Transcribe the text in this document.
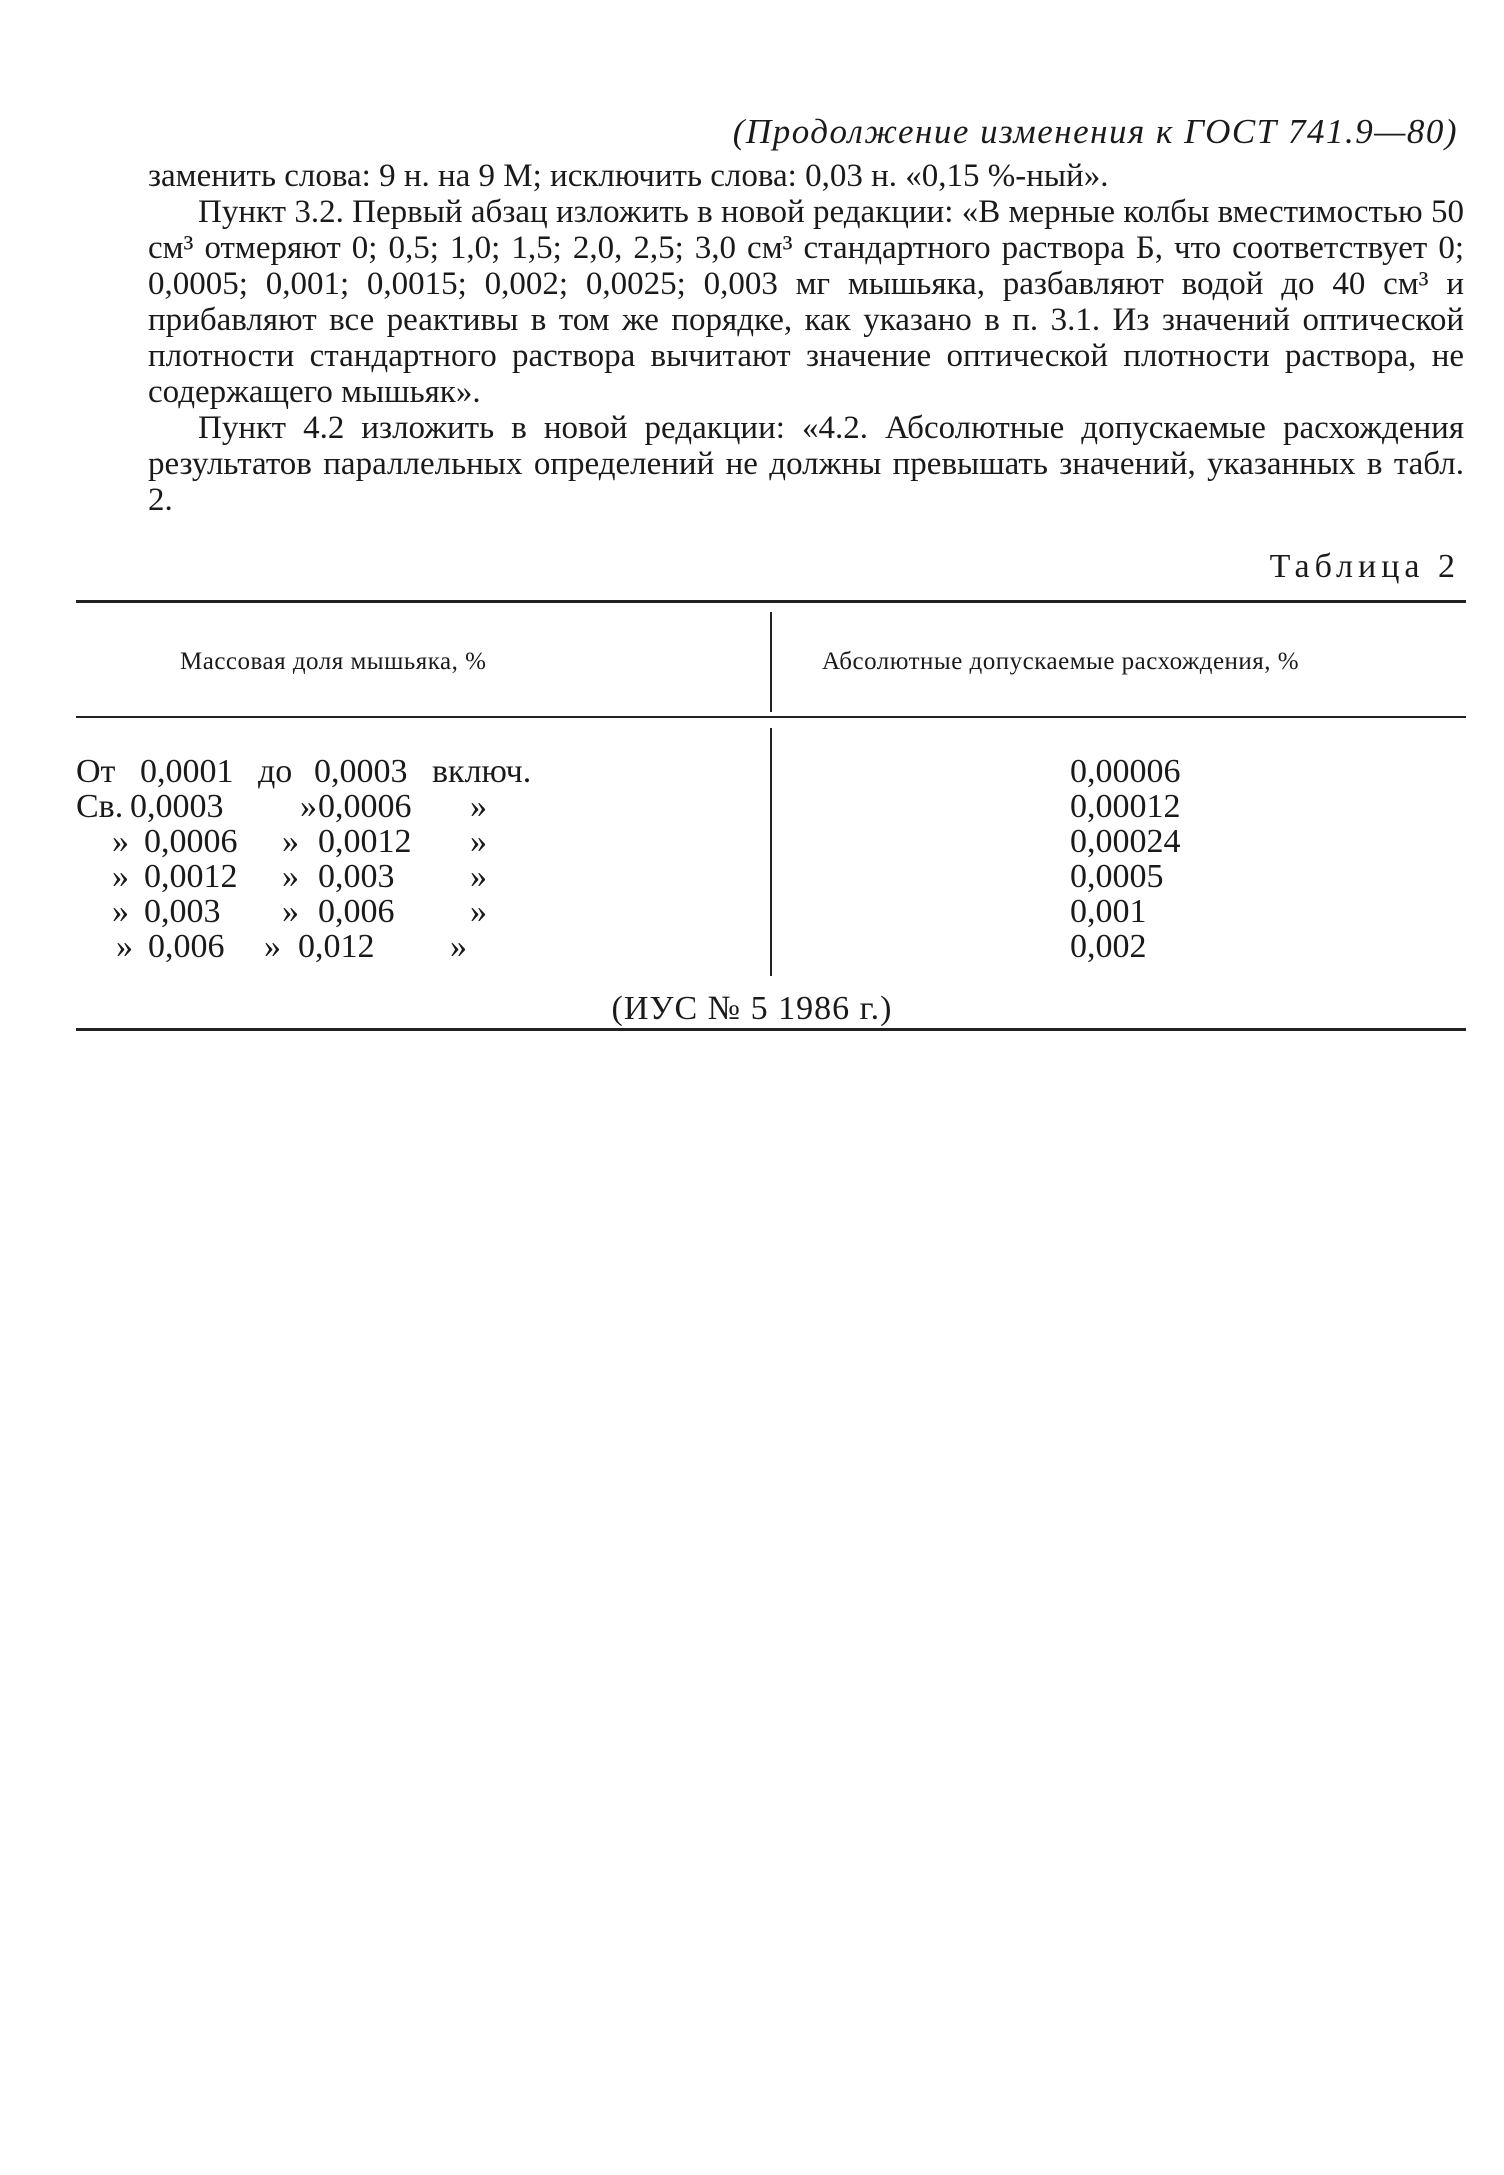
(Продолжение изменения к ГОСТ 741.9—80)

заменить слова: 9 н. на 9 М; исключить слова: 0,03 н. «0,15 %-ный».

Пункт 3.2. Первый абзац изложить в новой редакции: «В мерные колбы вместимостью 50 см³ отмеряют 0; 0,5; 1,0; 1,5; 2,0, 2,5; 3,0 см³ стандартного раствора Б, что соответствует 0; 0,0005; 0,001; 0,0015; 0,002; 0,0025; 0,003 мг мышьяка, разбавляют водой до 40 см³ и прибавляют все реактивы в том же порядке, как указано в п. 3.1. Из значений оптической плотности стандартного раствора вычитают значение оптической плотности раствора, не содержащего мышьяк».

Пункт 4.2 изложить в новой редакции: «4.2. Абсолютные допускаемые расхождения результатов параллельных определений не должны превышать значений, указанных в табл. 2.

Таблица 2
Массовая доля мышьяка, %	Абсолютные допускаемые расхождения, %
От 0,0001 до 0,0003 включ.	0,00006
Св. 0,0003 » 0,0006 »	0,00012
» 0,0006 » 0,0012 »	0,00024
» 0,0012 » 0,003 »	0,0005
» 0,003 » 0,006 »	0,001
» 0,006 » 0,012 »	0,002
(ИУС № 5 1986 г.)
